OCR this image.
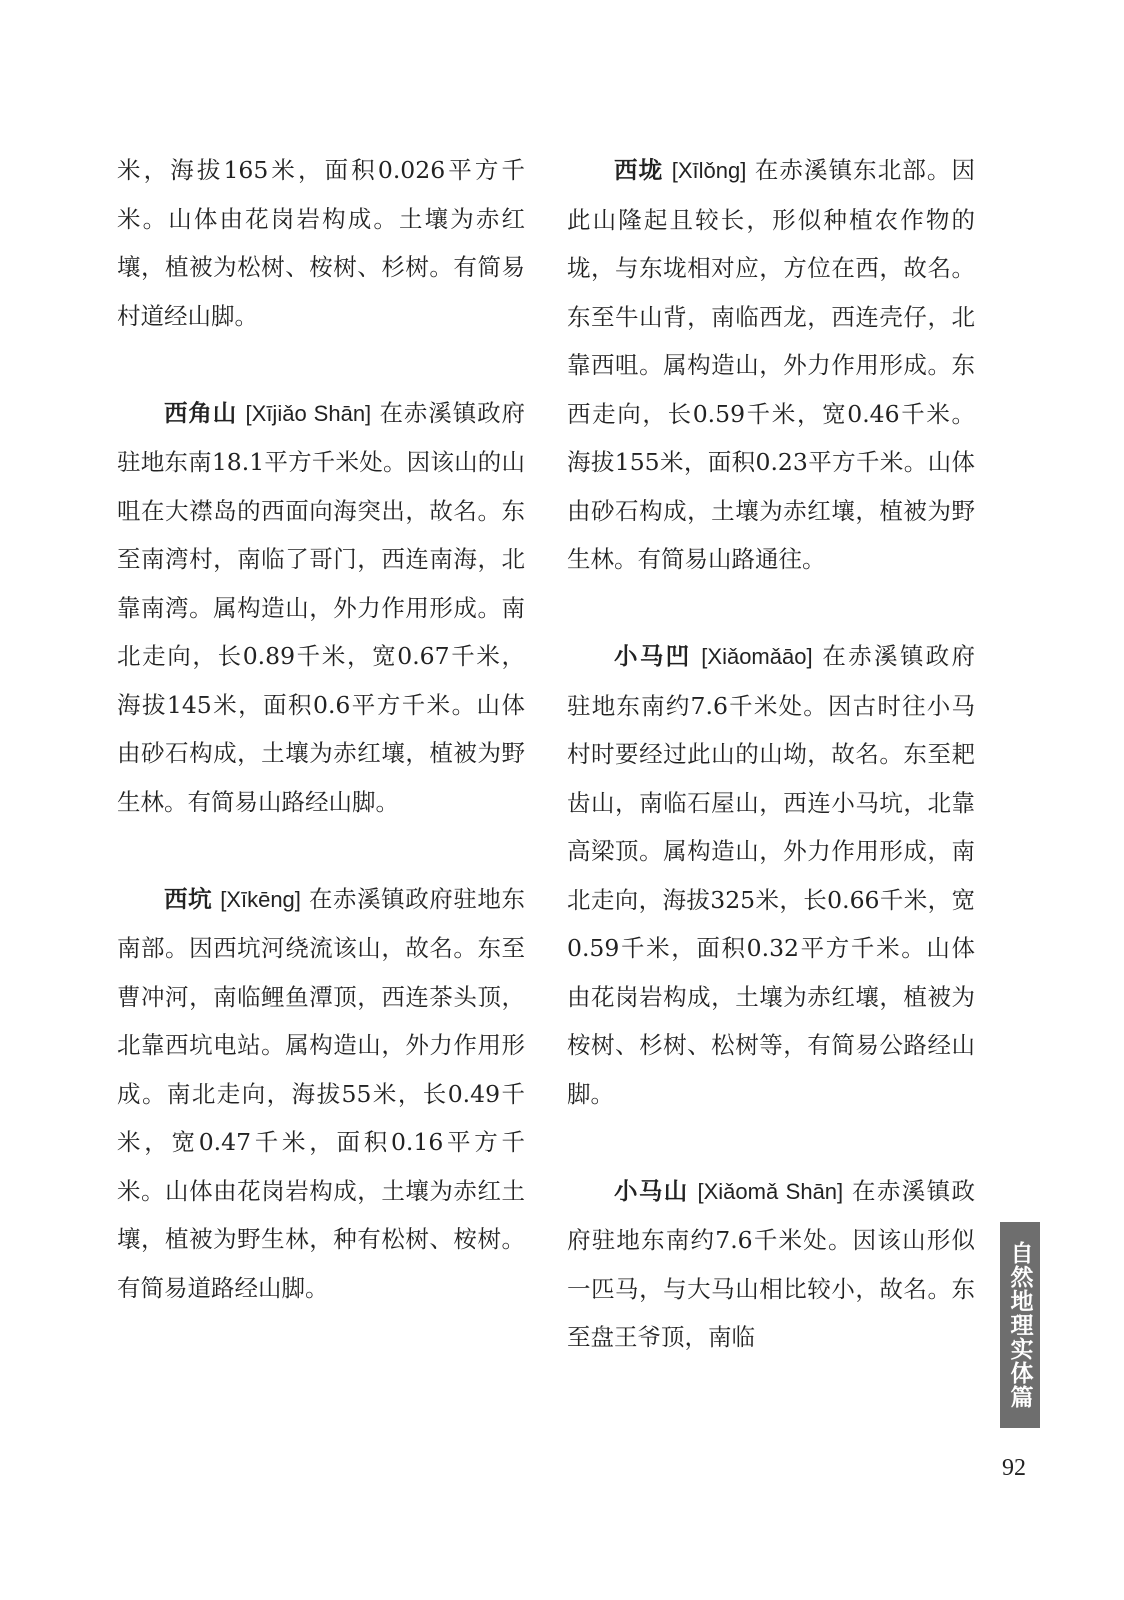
米，海拔165米，面积0.026平方千米。山体由花岗岩构成。土壤为赤红壤，植被为松树、桉树、杉树。有简易村道经山脚。

西角山 [Xījiǎo Shān] 在赤溪镇政府驻地东南18.1平方千米处。因该山的山咀在大襟岛的西面向海突出，故名。东至南湾村，南临了哥门，西连南海，北靠南湾。属构造山，外力作用形成。南北走向，长0.89千米，宽0.67千米，海拔145米，面积0.6平方千米。山体由砂石构成，土壤为赤红壤，植被为野生林。有简易山路经山脚。

西坑 [Xīkēng] 在赤溪镇政府驻地东南部。因西坑河绕流该山，故名。东至曹冲河，南临鲤鱼潭顶，西连茶头顶，北靠西坑电站。属构造山，外力作用形成。南北走向，海拔55米，长0.49千米，宽0.47千米，面积0.16平方千米。山体由花岗岩构成，土壤为赤红土壤，植被为野生林，种有松树、桉树。有简易道路经山脚。

西垅 [Xīlǒng] 在赤溪镇东北部。因此山隆起且较长，形似种植农作物的垅，与东垅相对应，方位在西，故名。东至牛山背，南临西龙，西连壳仔，北靠西咀。属构造山，外力作用形成。东西走向，长0.59千米，宽0.46千米。海拔155米，面积0.23平方千米。山体由砂石构成，土壤为赤红壤，植被为野生林。有简易山路通往。

小马凹 [Xiǎomǎāo] 在赤溪镇政府驻地东南约7.6千米处。因古时往小马村时要经过此山的山坳，故名。东至耙齿山，南临石屋山，西连小马坑，北靠高梁顶。属构造山，外力作用形成，南北走向，海拔325米，长0.66千米，宽0.59千米，面积0.32平方千米。山体由花岗岩构成，土壤为赤红壤，植被为桉树、杉树、松树等，有简易公路经山脚。

小马山 [Xiǎomǎ Shān] 在赤溪镇政府驻地东南约7.6千米处。因该山形似一匹马，与大马山相比较小，故名。东至盘王爷顶，南临	自然地理实体篇
92
